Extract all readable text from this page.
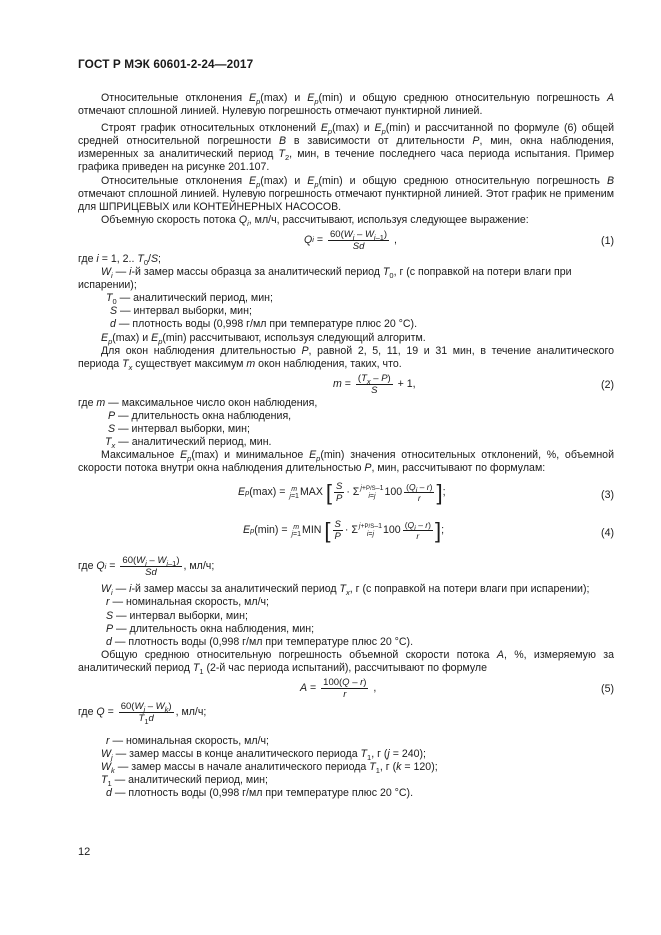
ГОСТ Р МЭК 60601-2-24—2017

Относительные отклонения $E_p(\max)$ и $E_p(\min)$ и общую среднюю относительную погрешность A отмечают сплошной линией. Нулевую погрешность отмечают пунктирной линией.

Строят график относительных отклонений $E_p(\max)$ и $E_p(\min)$ и рассчитанной по формуле (6) общей средней относительной погрешности B в зависимости от длительности P, мин, окна наблюдения, измеренных за аналитический период $T_2$, мин, в течение последнего часа периода испытания. Пример графика приведен на рисунке 201.107.

Относительные отклонения $E_p(\max)$ и $E_p(\min)$ и общую среднюю относительную погрешность B отмечают сплошной линией. Нулевую погрешность отмечают пунктирной линией. Этот график не применим для ШПРИЦЕВЫХ или КОНТЕЙНЕРНЫХ НАСОСОВ.

Объемную скорость потока $Q_i$, мл/ч, рассчитывают, используя следующее выражение:

Q $i = \frac{60(W_i - W_{i-1})}{Sd}$ ,	(1)

где i = 1, 2.. $T_0/S$;

$W_i$ — i-й замер массы образца за аналитический период $T_0$, г (с поправкой на потери влаги при

испарении);

$T_0$ — аналитический период, мин;

S — интервал выборки, мин;

d — плотность воды (0,998 г/мл при температуре плюс 20 °C).

$E_p(\max)$ и $E_p(\min)$ рассчитывают, используя следующий алгоритм.

Для окон наблюдения длительностью P, равной 2, 5, 11, 19 и 31 мин, в течение аналитического периода $T_x$ существует максимум m окон наблюдения, таких, что.

$m = \frac{(T_x - P)}{S} + 1$,	(2)

где m — максимальное число окон наблюдения,

P — длительность окна наблюдения,

S — интервал выборки, мин;

$T_x$ — аналитический период, мин.

Максимальное $E_p(\max)$ и минимальное $E_p(\min)$ значения относительных отклонений, %, объемной скорости потока внутри окна наблюдения длительностью P, мин, рассчитывают по формулам:

E p (max) = m
j=1 MAX [ $\frac{S}{P} \cdot \Sigma$ j+P/S–1
i=j $100 \frac{(Q_i - r)}{r}$ ] ;	(3)
E p (min) = m
j=1 MIN [ $\frac{S}{P} \cdot \Sigma$ j+P/S–1
i=j $100 \frac{(Q_i - r)}{r}$ ] ;	(4)
где Q $i = \frac{60(W_i - W_{i-1})}{Sd}$ , мл/ч;

$W_i$ — i-й замер массы за аналитический период $T_x$, г (с поправкой на потери влаги при испарении);

r — номинальная скорость, мл/ч;

S — интервал выборки, мин;

P — длительность окна наблюдения, мин;

d — плотность воды (0,998 г/мл при температуре плюс 20 °C).

Общую среднюю относительную погрешность объемной скорости потока A, %, измеряемую за аналитический период $T_1$ (2-й час периода испытаний), рассчитывают по формуле

$A = \frac{100(Q - r)}{r}$ ,	(5)
где $Q = \frac{60(W_j - W_k)}{T_1d}$ , мл/ч;

r — номинальная скорость, мл/ч;

$W_j$ — замер массы в конце аналитического периода $T_1$, г (j = 240);

$W_k$ — замер массы в начале аналитического периода $T_1$, г (k = 120);

$T_1$ — аналитический период, мин;

d — плотность воды (0,998 г/мл при температуре плюс 20 °C).

12
